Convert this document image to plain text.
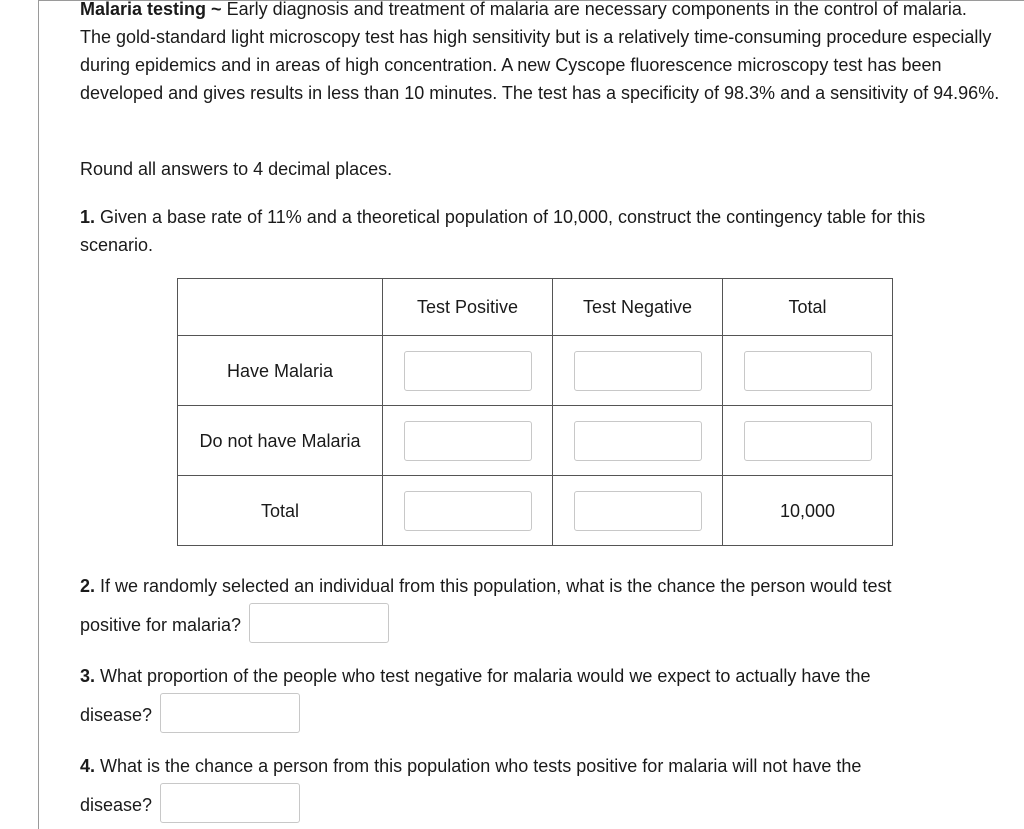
Malaria testing ~ Early diagnosis and treatment of malaria are necessary components in the control of malaria. The gold-standard light microscopy test has high sensitivity but is a relatively time-consuming procedure especially during epidemics and in areas of high concentration. A new Cyscope fluorescence microscopy test has been developed and gives results in less than 10 minutes. The test has a specificity of 98.3% and a sensitivity of 94.96%.

Round all answers to 4 decimal places.

1. Given a base rate of 11% and a theoretical population of 10,000, construct the contingency table for this scenario.

	Test Positive	Test Negative	Total
Have Malaria			
Do not have Malaria			
Total			10,000
2. If we randomly selected an individual from this population, what is the chance the person would test
positive for malaria?
3. What proportion of the people who test negative for malaria would we expect to actually have the
disease?
4. What is the chance a person from this population who tests positive for malaria will not have the
disease?
